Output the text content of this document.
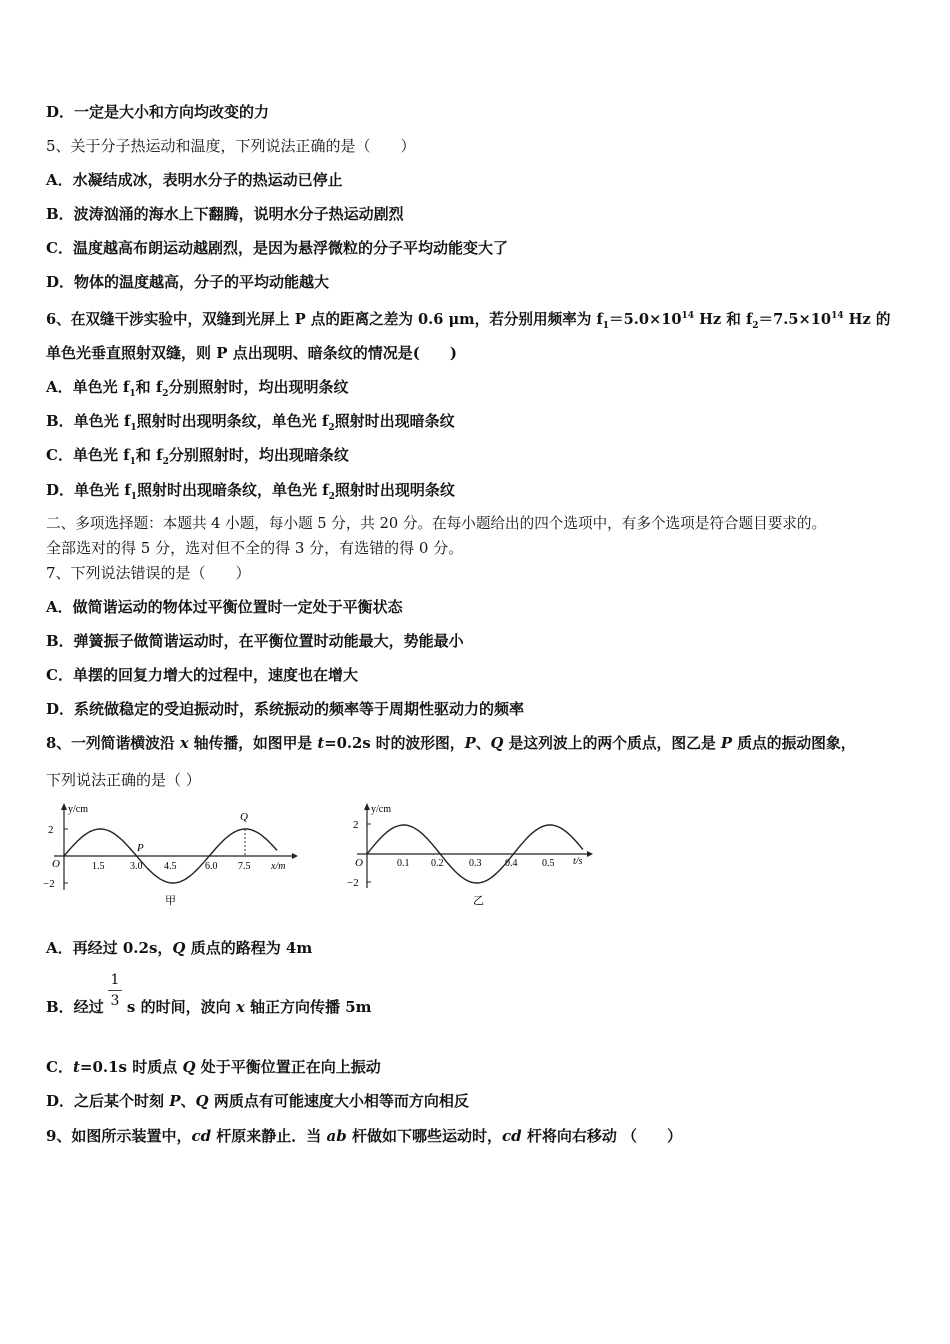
D．一定是大小和方向均改变的力
5、关于分子热运动和温度，下列说法正确的是（　　）
A．水凝结成冰，表明水分子的热运动已停止
B．波涛汹涌的海水上下翻腾，说明水分子热运动剧烈
C．温度越高布朗运动越剧烈，是因为悬浮微粒的分子平均动能变大了
D．物体的温度越高，分子的平均动能越大
6、在双缝干涉实验中，双缝到光屏上 P 点的距离之差为 0.6 μm，若分别用频率为 $f_1=5.0\times 10^{14}$ Hz 和 $f_2=7.5\times 10^{14}$ Hz 的
单色光垂直照射双缝，则 P 点出现明、暗条纹的情况是(　　)
A．单色光 $f_1$和 $f_2$分别照射时，均出现明条纹
B．单色光 $f_1$照射时出现明条纹，单色光 $f_2$照射时出现暗条纹
C．单色光 $f_1$和 $f_2$分别照射时，均出现暗条纹
D．单色光 $f_1$照射时出现暗条纹，单色光 $f_2$照射时出现明条纹
二、多项选择题：本题共 4 小题，每小题 5 分，共 20 分。在每小题给出的四个选项中，有多个选项是符合题目要求的。
全部选对的得 5 分，选对但不全的得 3 分，有选错的得 0 分。
7、下列说法错误的是（　　）
A．做简谐运动的物体过平衡位置时一定处于平衡状态
B．弹簧振子做简谐运动时，在平衡位置时动能最大，势能最小
C．单摆的回复力增大的过程中，速度也在增大
D．系统做稳定的受迫振动时，系统振动的频率等于周期性驱动力的频率
8、一列简谐横波沿 x 轴传播，如图甲是 t=0.2s 时的波形图，P、Q 是这列波上的两个质点，图乙是 P 质点的振动图象，
下列说法正确的是（ ）
y/cm
2
−2
O	1.5	3.0 4.5	6.0 7.5 x/m
P
Q
甲
y/cm
2
−2
O	0.1 0.2	0.3 0.4 0.5 t/s
乙
A．再经过 0.2s，Q 质点的路程为 4m
1
3
B．经过 s 的时间，波向 x 轴正方向传播 5m
C．t=0.1s 时质点 Q 处于平衡位置正在向上振动
D．之后某个时刻 P、Q 两质点有可能速度大小相等而方向相反
9、如图所示装置中，cd 杆原来静止．当 ab 杆做如下哪些运动时，cd 杆将向右移动 （　　）
